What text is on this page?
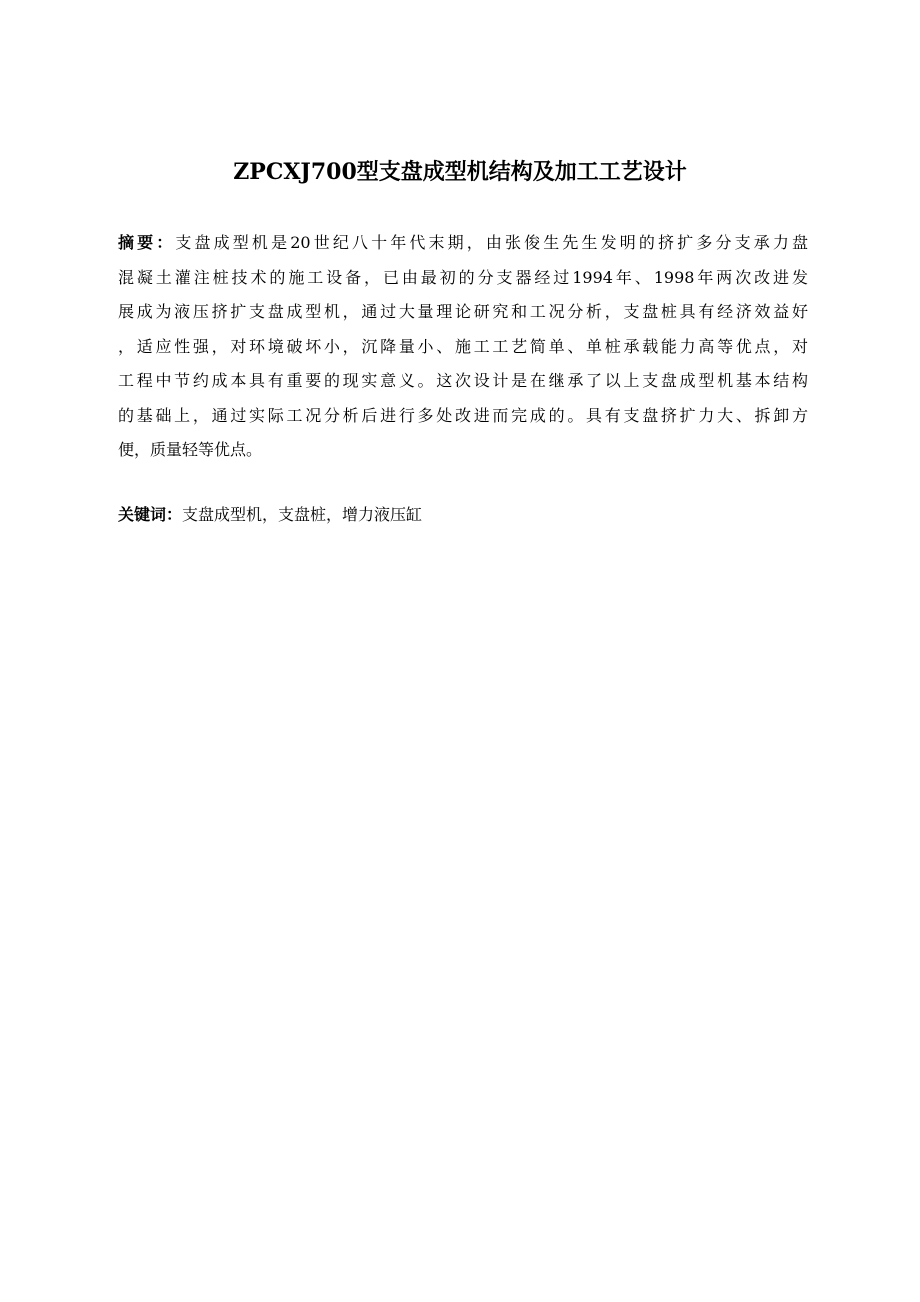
ZPCXJ700型支盘成型机结构及加工工艺设计
摘要：支盘成型机是20世纪八十年代末期，由张俊生先生发明的挤扩多分支承力盘
混凝土灌注桩技术的施工设备，已由最初的分支器经过1994年、1998年两次改进发
展成为液压挤扩支盘成型机，通过大量理论研究和工况分析，支盘桩具有经济效益好
，适应性强，对环境破坏小，沉降量小、施工工艺简单、单桩承载能力高等优点，对
工程中节约成本具有重要的现实意义。这次设计是在继承了以上支盘成型机基本结构
的基础上，通过实际工况分析后进行多处改进而完成的。具有支盘挤扩力大、拆卸方
便，质量轻等优点。

关键词：支盘成型机，支盘桩，增力液压缸
